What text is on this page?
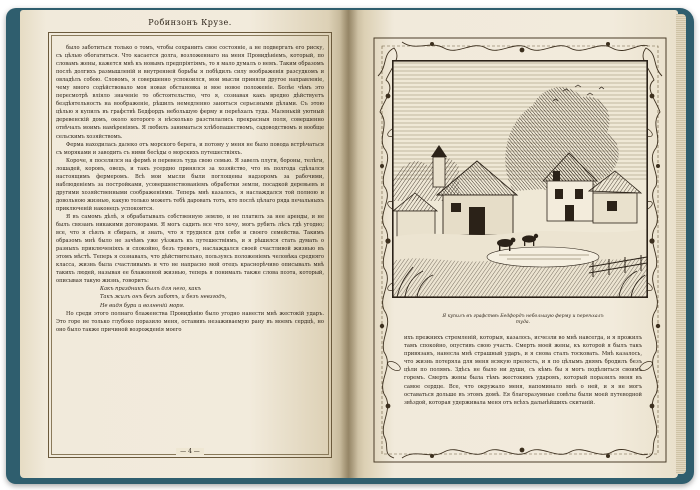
Робинзонъ Крузе.

было заботиться только о томъ, чтобы сохранить свое состояніе, а не подвергать его риску, съ цѣлью обогатиться. Что касается долга, возложеннаго на меня Провидѣніемъ, который, по словамъ жены, кажется мнѣ къ новымъ предпріятіямъ, то я мало думалъ о немъ. Таким образомъ послѣ долгихъ размышленій и внутренней борьбы я побѣдилъ силу воображенія разсудкомъ и овладѣлъ собою. Словомъ, я совершенно успокоился, мои мысли приняли другое направленіе, чему много содѣйствовало моя новая обстановка и мое новое положеніе. Болѣе чѣмъ это пересмотрѣ вліяло значеніе то обстоятельство, что я, сознавая какъ вредно дѣйствуетъ бездѣятельность на воображеніе, рѣшилъ немедленно заняться серьезными дѣлами. Съ этою цѣлью я купилъ въ графствѣ Бедфордъ небольшую ферму и переѣхалъ туда. Маленькій уютный деревенскій домъ, около которого я нѣсколько разстилались прекрасныя поля, совершенно отвѣчалъ моимъ намѣреніямъ. Я любилъ заниматься хлѣбопашествомъ, садоводствомъ и вообще сельскимъ хозяйствомъ.

Ферма находилась далеко отъ морского берега, и потому у меня не было повода встрѣчаться съ моряками и заводить съ ними бесѣды о морскихъ путешествіяхъ.

Короче, я поселился на фермѣ и перевезъ туда свою семью. Я завелъ плуги, бороны, телѣги, лошадей, коровъ, овецъ, и такъ усердно принялся за хозяйство, что въ полгода сдѣлался настоящимъ фермеромъ. Всѣ мои мысли были поглощены надзоромъ за рабочими, наблюденіемъ за постройками, усовершенствованіемъ обработки земли, посадкой деревьевъ и другими хозяйственными соображеніями. Теперь мнѣ казалось, я наслаждался той полною и довольною жизнью, какую только можетъ тебѣ даровать тотъ, кто послѣ цѣлаго ряда печальныхъ приключеній наконецъ успокоится.

Я въ самомъ дѣлѣ, я обрабатывалъ собственную землю, и не платилъ за нее аренды, и не былъ связанъ никакими договорами. Я могъ садить все что хочу, могъ рубить лѣсъ гдѣ угодно; все, что я сѣялъ я сбиралъ, и знать, что я трудился для себя и своего семейства. Такимъ образомъ мнѣ было не зачѣмъ уже уѣзжать къ путешествіямъ, и я рѣшился стать думать о разныхъ приключеніяхъ и спокойно, безъ тревогъ, наслаждался своей счастливой жизнью въ этомъ мѣстѣ. Теперь я сознавалъ, что дѣйствительно, пользуясь положеніемъ человѣка средняго класса, жизнь была счастливымъ и что не напрасно мой отецъ краснорѣчиво описывалъ мнѣ такихъ людей, называя ее блаженной жизнью, теперь я понималъ также слова поэта, который, описывая такую жизнь, говоритъ:

Какъ праздникъ былъ для него, какъ

Такъ жилъ онъ безъ заботъ, и безъ невзгодъ,

Не видя бури и волненій моря.

Но среди этого полнаго блаженства Провидѣнію было угодно нанести мнѣ жестокій ударъ. Это горе не только глубоко поразило меня, оставивъ незаживаемую рану въ моемъ сердцѣ, но оно было также причиной возрожденія моего

— 4 —
Я купилъ въ графствѣ Бедфордъ небольшую ферму и переѣхалъ туда.

ихъ прежнихъ стремленій, которыя, казалось, исчезли во мнѣ навсегда, и я прожилъ тамъ спокойно, опустивъ свою участь. Смерть моей жены, къ которой я былъ такъ привязанъ, нанесла мнѣ страшный ударъ, и я снова сталъ тосковать. Мнѣ казалось, что жизнь потеряла для меня всякую прелесть, и я по цѣлымъ днямъ бродилъ безъ цѣли по полямъ. Здѣсь не было ни души, съ кѣмъ бы я могъ подѣлиться своимъ горемъ. Смерть жены была тѣмъ жестокимъ ударомъ, который поразилъ меня въ самое сердце. Все, что окружало меня, напоминало мнѣ о ней, и я не могъ оставаться дольше въ этомъ домѣ. Ея благоразумные совѣты были моей путеводной звѣздой, которая удерживала меня отъ всѣхъ дальнѣйшихъ скитаній.
